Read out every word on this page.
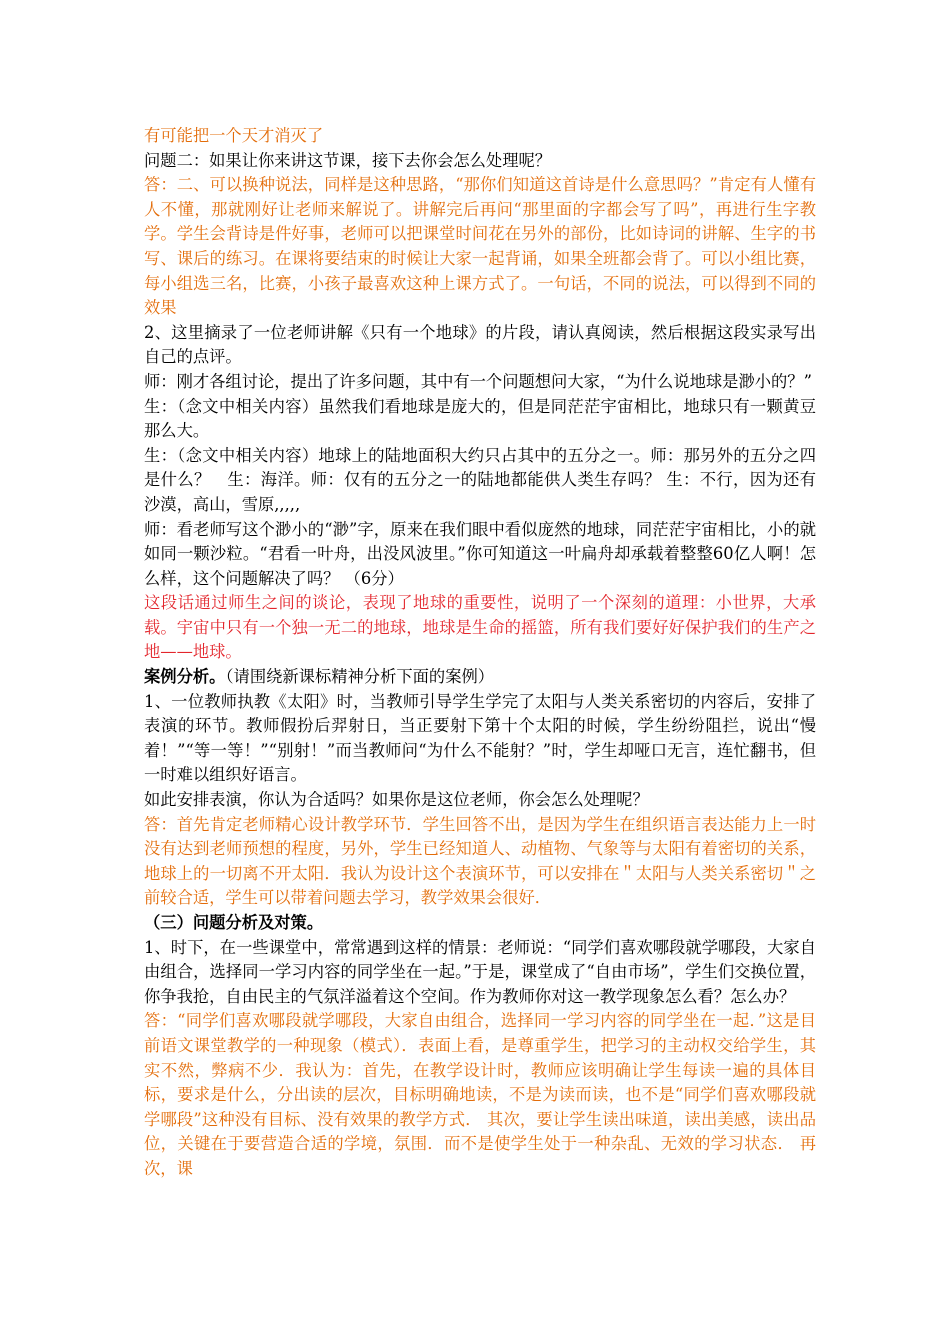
有可能把一个天才消灭了

问题二：如果让你来讲这节课，接下去你会怎么处理呢？

答：二、可以换种说法，同样是这种思路，“那你们知道这首诗是什么意思吗？”肯定有人懂有人不懂，那就刚好让老师来解说了。讲解完后再问“那里面的字都会写了吗”，再进行生字教学。学生会背诗是件好事，老师可以把课堂时间花在另外的部份，比如诗词的讲解、生字的书写、课后的练习。在课将要结束的时候让大家一起背诵，如果全班都会背了。可以小组比赛，每小组选三名，比赛，小孩子最喜欢这种上课方式了。一句话，不同的说法，可以得到不同的效果

2、这里摘录了一位老师讲解《只有一个地球》的片段，请认真阅读，然后根据这段实录写出自己的点评。

师：刚才各组讨论，提出了许多问题，其中有一个问题想问大家，“为什么说地球是渺小的？”

生：（念文中相关内容）虽然我们看地球是庞大的，但是同茫茫宇宙相比，地球只有一颗黄豆那么大。

生：（念文中相关内容）地球上的陆地面积大约只占其中的五分之一。师：那另外的五分之四是什么？　生：海洋。师：仅有的五分之一的陆地都能供人类生存吗？ 生：不行，因为还有沙漠，高山，雪原,,,,,

师：看老师写这个渺小的“渺”字，原来在我们眼中看似庞然的地球，同茫茫宇宙相比，小的就如同一颗沙粒。“君看一叶舟，出没风波里。”你可知道这一叶扁舟却承载着整整60亿人啊！怎么样，这个问题解决了吗？ （6分）

这段话通过师生之间的谈论，表现了地球的重要性，说明了一个深刻的道理：小世界，大承载。宇宙中只有一个独一无二的地球，地球是生命的摇篮，所有我们要好好保护我们的生产之地——地球。

案例分析。（请围绕新课标精神分析下面的案例）

1、一位教师执教《太阳》时，当教师引导学生学完了太阳与人类关系密切的内容后，安排了表演的环节。教师假扮后羿射日，当正要射下第十个太阳的时候，学生纷纷阻拦，说出“慢着！”“等一等！”“别射！”而当教师问“为什么不能射？”时，学生却哑口无言，连忙翻书，但一时难以组织好语言。

如此安排表演，你认为合适吗？如果你是这位老师，你会怎么处理呢？

答：首先肯定老师精心设计教学环节．学生回答不出，是因为学生在组织语言表达能力上一时没有达到老师预想的程度，另外，学生已经知道人、动植物、气象等与太阳有着密切的关系，地球上的一切离不开太阳．我认为设计这个表演环节，可以安排在＂太阳与人类关系密切＂之前较合适，学生可以带着问题去学习，教学效果会很好．

（三）问题分析及对策。

1、时下，在一些课堂中，常常遇到这样的情景：老师说：“同学们喜欢哪段就学哪段，大家自由组合，选择同一学习内容的同学坐在一起。”于是，课堂成了“自由市场”，学生们交换位置，你争我抢，自由民主的气氛洋溢着这个空间。作为教师你对这一教学现象怎么看？怎么办？

答：“同学们喜欢哪段就学哪段，大家自由组合，选择同一学习内容的同学坐在一起．”这是目前语文课堂教学的一种现象（模式）．表面上看，是尊重学生，把学习的主动权交给学生，其实不然，弊病不少．我认为：首先，在教学设计时，教师应该明确让学生每读一遍的具体目标，要求是什么，分出读的层次，目标明确地读，不是为读而读，也不是“同学们喜欢哪段就学哪段”这种没有目标、没有效果的教学方式． 其次，要让学生读出味道，读出美感，读出品位，关键在于要营造合适的学境，氛围．而不是使学生处于一种杂乱、无效的学习状态． 再次，课
